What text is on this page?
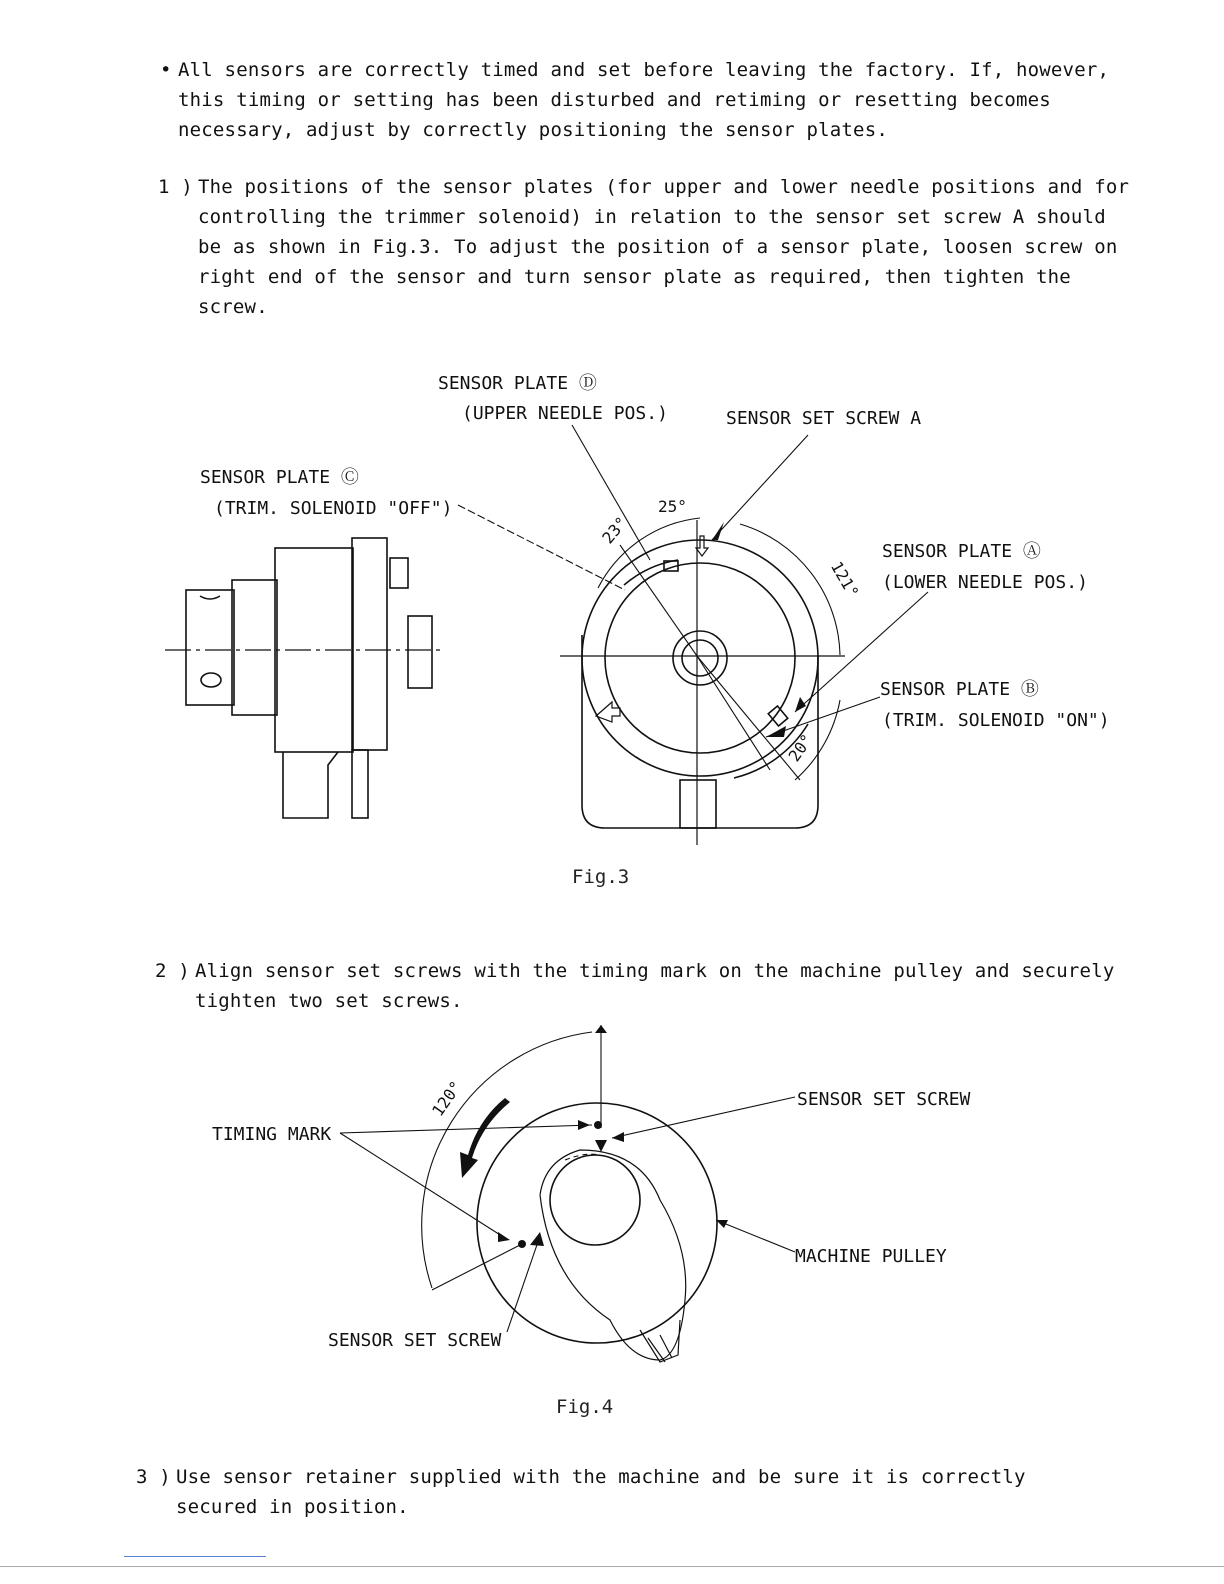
• All sensors are correctly timed and set before leaving the factory. If, however,
this timing or setting has been disturbed and retiming or resetting becomes
necessary, adjust by correctly positioning the sensor plates.
1 ) The positions of the sensor plates (for upper and lower needle positions and for
controlling the trimmer solenoid) in relation to the sensor set screw A should
be as shown in Fig.3. To adjust the position of a sensor plate, loosen screw on
right end of the sensor and turn sensor plate as required, then tighten the
screw.
SENSOR PLATE Ⓓ
(UPPER NEEDLE POS.)	SENSOR SET SCREW A
SENSOR PLATE Ⓒ
(TRIM. SOLENOID "OFF")
SENSOR PLATE Ⓐ
(LOWER NEEDLE POS.)
SENSOR PLATE Ⓑ
(TRIM. SOLENOID "ON")
23°
25°
121°
20°
Fig.3
2 ) Align sensor set screws with the timing mark on the machine pulley and securely
tighten two set screws.
TIMING MARK
SENSOR SET SCREW
MACHINE PULLEY
SENSOR SET SCREW
120°
Fig.4
3 ) Use sensor retainer supplied with the machine and be sure it is correctly
secured in position.
